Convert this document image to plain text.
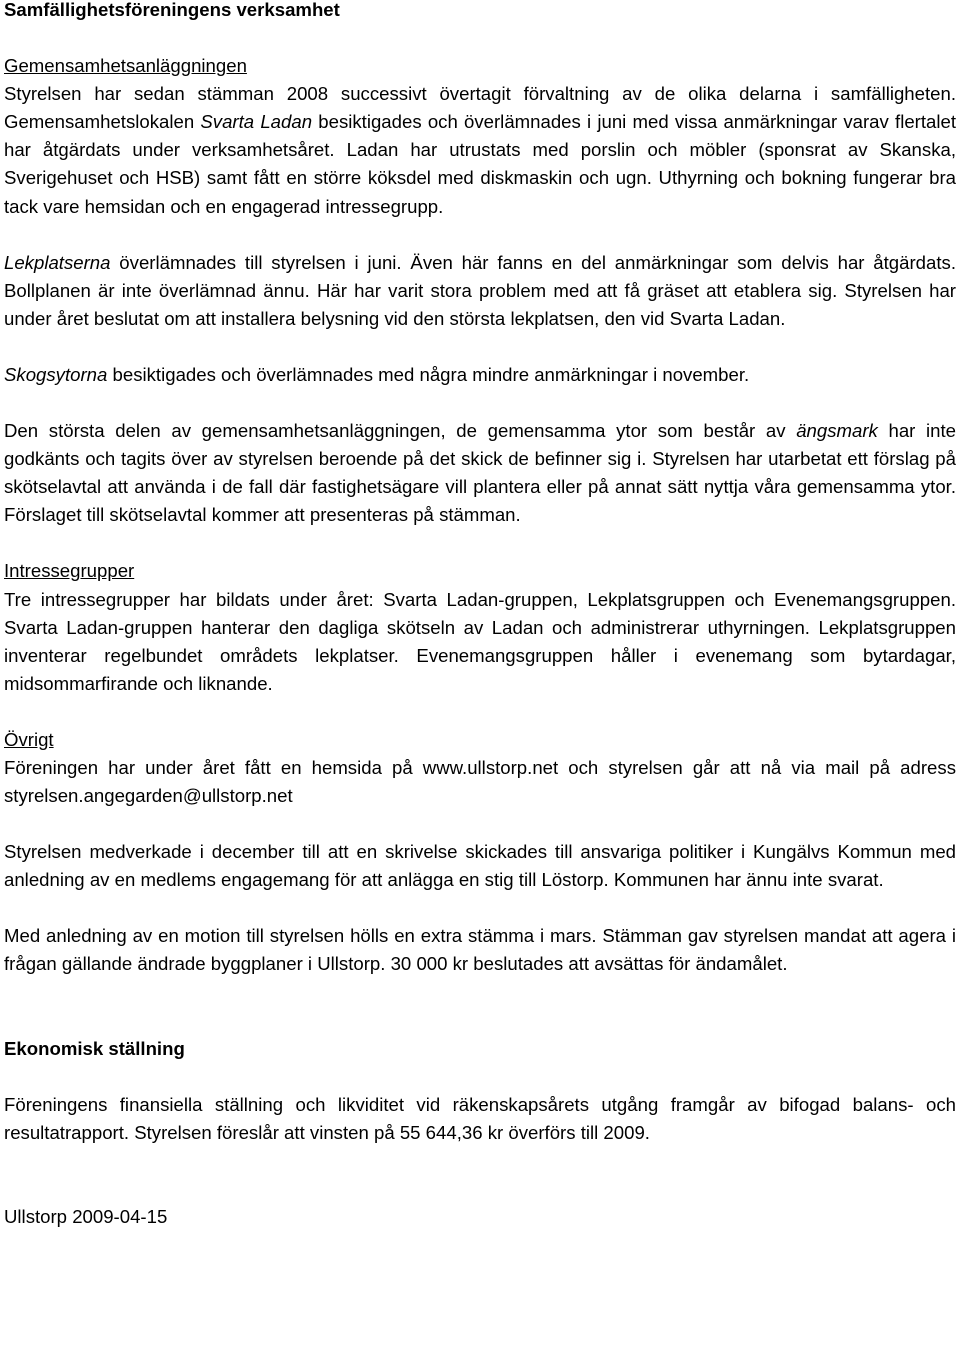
Samfällighetsföreningens verksamhet

Gemensamhetsanläggningen

Styrelsen har sedan stämman 2008 successivt övertagit förvaltning av de olika delarna i samfälligheten. Gemensamhetslokalen Svarta Ladan besiktigades och överlämnades i juni med vissa anmärkningar varav flertalet har åtgärdats under verksamhetsåret. Ladan har utrustats med porslin och möbler (sponsrat av Skanska, Sverigehuset och HSB) samt fått en större köksdel med diskmaskin och ugn. Uthyrning och bokning fungerar bra tack vare hemsidan och en engagerad intressegrupp.

Lekplatserna överlämnades till styrelsen i juni. Även här fanns en del anmärkningar som delvis har åtgärdats. Bollplanen är inte överlämnad ännu. Här har varit stora problem med att få gräset att etablera sig. Styrelsen har under året beslutat om att installera belysning vid den största lekplatsen, den vid Svarta Ladan.

Skogsytorna besiktigades och överlämnades med några mindre anmärkningar i november.

Den största delen av gemensamhetsanläggningen, de gemensamma ytor som består av ängsmark har inte godkänts och tagits över av styrelsen beroende på det skick de befinner sig i. Styrelsen har utarbetat ett förslag på skötselavtal att använda i de fall där fastighetsägare vill plantera eller på annat sätt nyttja våra gemensamma ytor. Förslaget till skötselavtal kommer att presenteras på stämman.

Intressegrupper

Tre intressegrupper har bildats under året: Svarta Ladan-gruppen, Lekplatsgruppen och Evenemangsgruppen. Svarta Ladan-gruppen hanterar den dagliga skötseln av Ladan och administrerar uthyrningen. Lekplatsgruppen inventerar regelbundet områdets lekplatser. Evenemangsgruppen håller i evenemang som bytardagar, midsommarfirande och liknande.

Övrigt

Föreningen har under året fått en hemsida på www.ullstorp.net och styrelsen går att nå via mail på adress styrelsen.angegarden@ullstorp.net

Styrelsen medverkade i december till att en skrivelse skickades till ansvariga politiker i Kungälvs Kommun med anledning av en medlems engagemang för att anlägga en stig till Löstorp. Kommunen har ännu inte svarat.

Med anledning av en motion till styrelsen hölls en extra stämma i mars. Stämman gav styrelsen mandat att agera i frågan gällande ändrade byggplaner i Ullstorp. 30 000 kr beslutades att avsättas för ändamålet.

Ekonomisk ställning

Föreningens finansiella ställning och likviditet vid räkenskapsårets utgång framgår av bifogad balans- och resultatrapport. Styrelsen föreslår att vinsten på 55 644,36 kr överförs till 2009.

Ullstorp 2009-04-15
